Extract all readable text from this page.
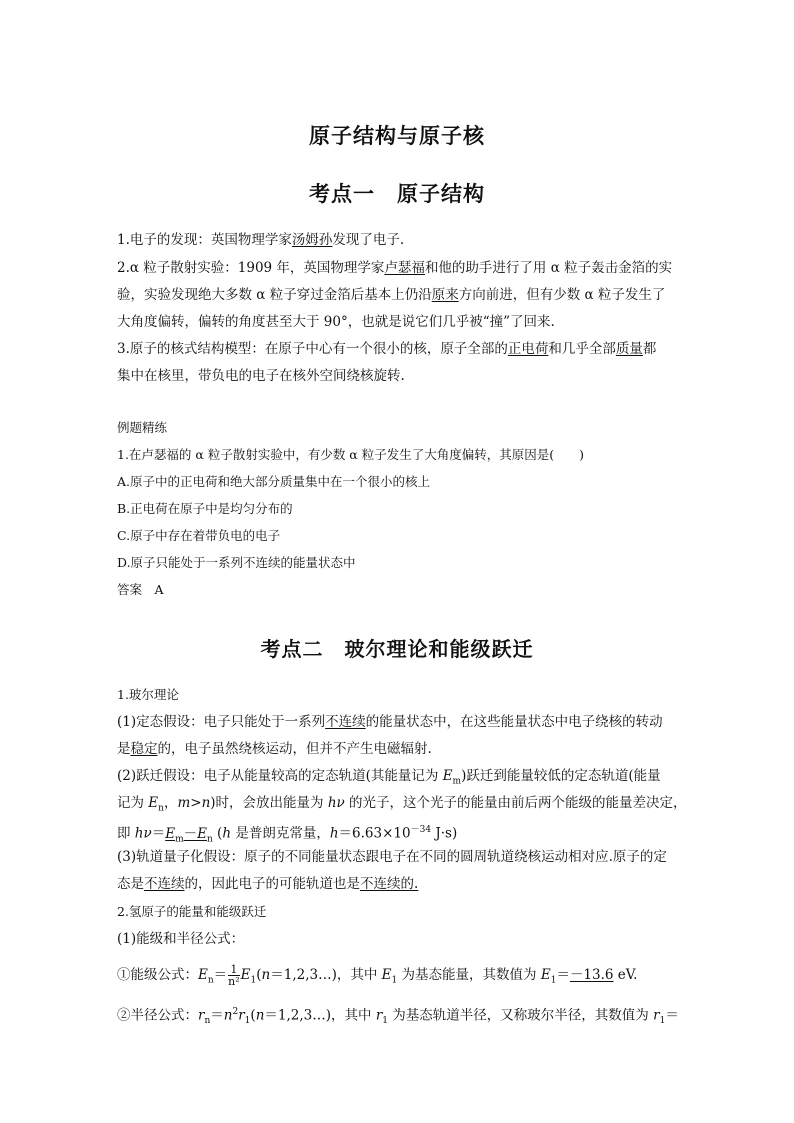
原子结构与原子核
考点一　原子结构
1.电子的发现：英国物理学家汤姆孙发现了电子.
2.α 粒子散射实验：1909 年，英国物理学家卢瑟福和他的助手进行了用 α 粒子轰击金箔的实
验，实验发现绝大多数 α 粒子穿过金箔后基本上仍沿原来方向前进，但有少数 α 粒子发生了
大角度偏转，偏转的角度甚至大于 90°，也就是说它们几乎被“撞”了回来.
3.原子的核式结构模型：在原子中心有一个很小的核，原子全部的正电荷和几乎全部质量都
集中在核里，带负电的电子在核外空间绕核旋转.
例题精练
1.在卢瑟福的 α 粒子散射实验中，有少数 α 粒子发生了大角度偏转，其原因是(　　)
A.原子中的正电荷和绝大部分质量集中在一个很小的核上
B.正电荷在原子中是均匀分布的
C.原子中存在着带负电的电子
D.原子只能处于一系列不连续的能量状态中
答案　A
考点二　玻尔理论和能级跃迁
1.玻尔理论
(1)定态假设：电子只能处于一系列不连续的能量状态中，在这些能量状态中电子绕核的转动
是稳定的，电子虽然绕核运动，但并不产生电磁辐射.
(2)跃迁假设：电子从能量较高的定态轨道(其能量记为 $E_m$)跃迁到能量较低的定态轨道(能量
记为 $E_n$，m>n)时，会放出能量为 hν 的光子，这个光子的能量由前后两个能级的能量差决定，
即 $h\nu=E_m-E_n$ (h 是普朗克常量，$h=6.63\times 10^{-34}$ J·s)
(3)轨道量子化假设：原子的不同能量状态跟电子在不同的圆周轨道绕核运动相对应.原子的定
态是不连续的，因此电子的可能轨道也是不连续的.
2.氢原子的能量和能级跃迁
(1)能级和半径公式：
①能级公式：$E_n= \frac{1}{\text{n²}}$ $E_1(n=1,2,3\dots)$，其中 $E_1$ 为基态能量，其数值为 $E_1=-13.6$ eV.
②半径公式：$r_n=n^2r_1(n=1,2,3\dots)$，其中 $r_1$ 为基态轨道半径，又称玻尔半径，其数值为 $r_1=$
